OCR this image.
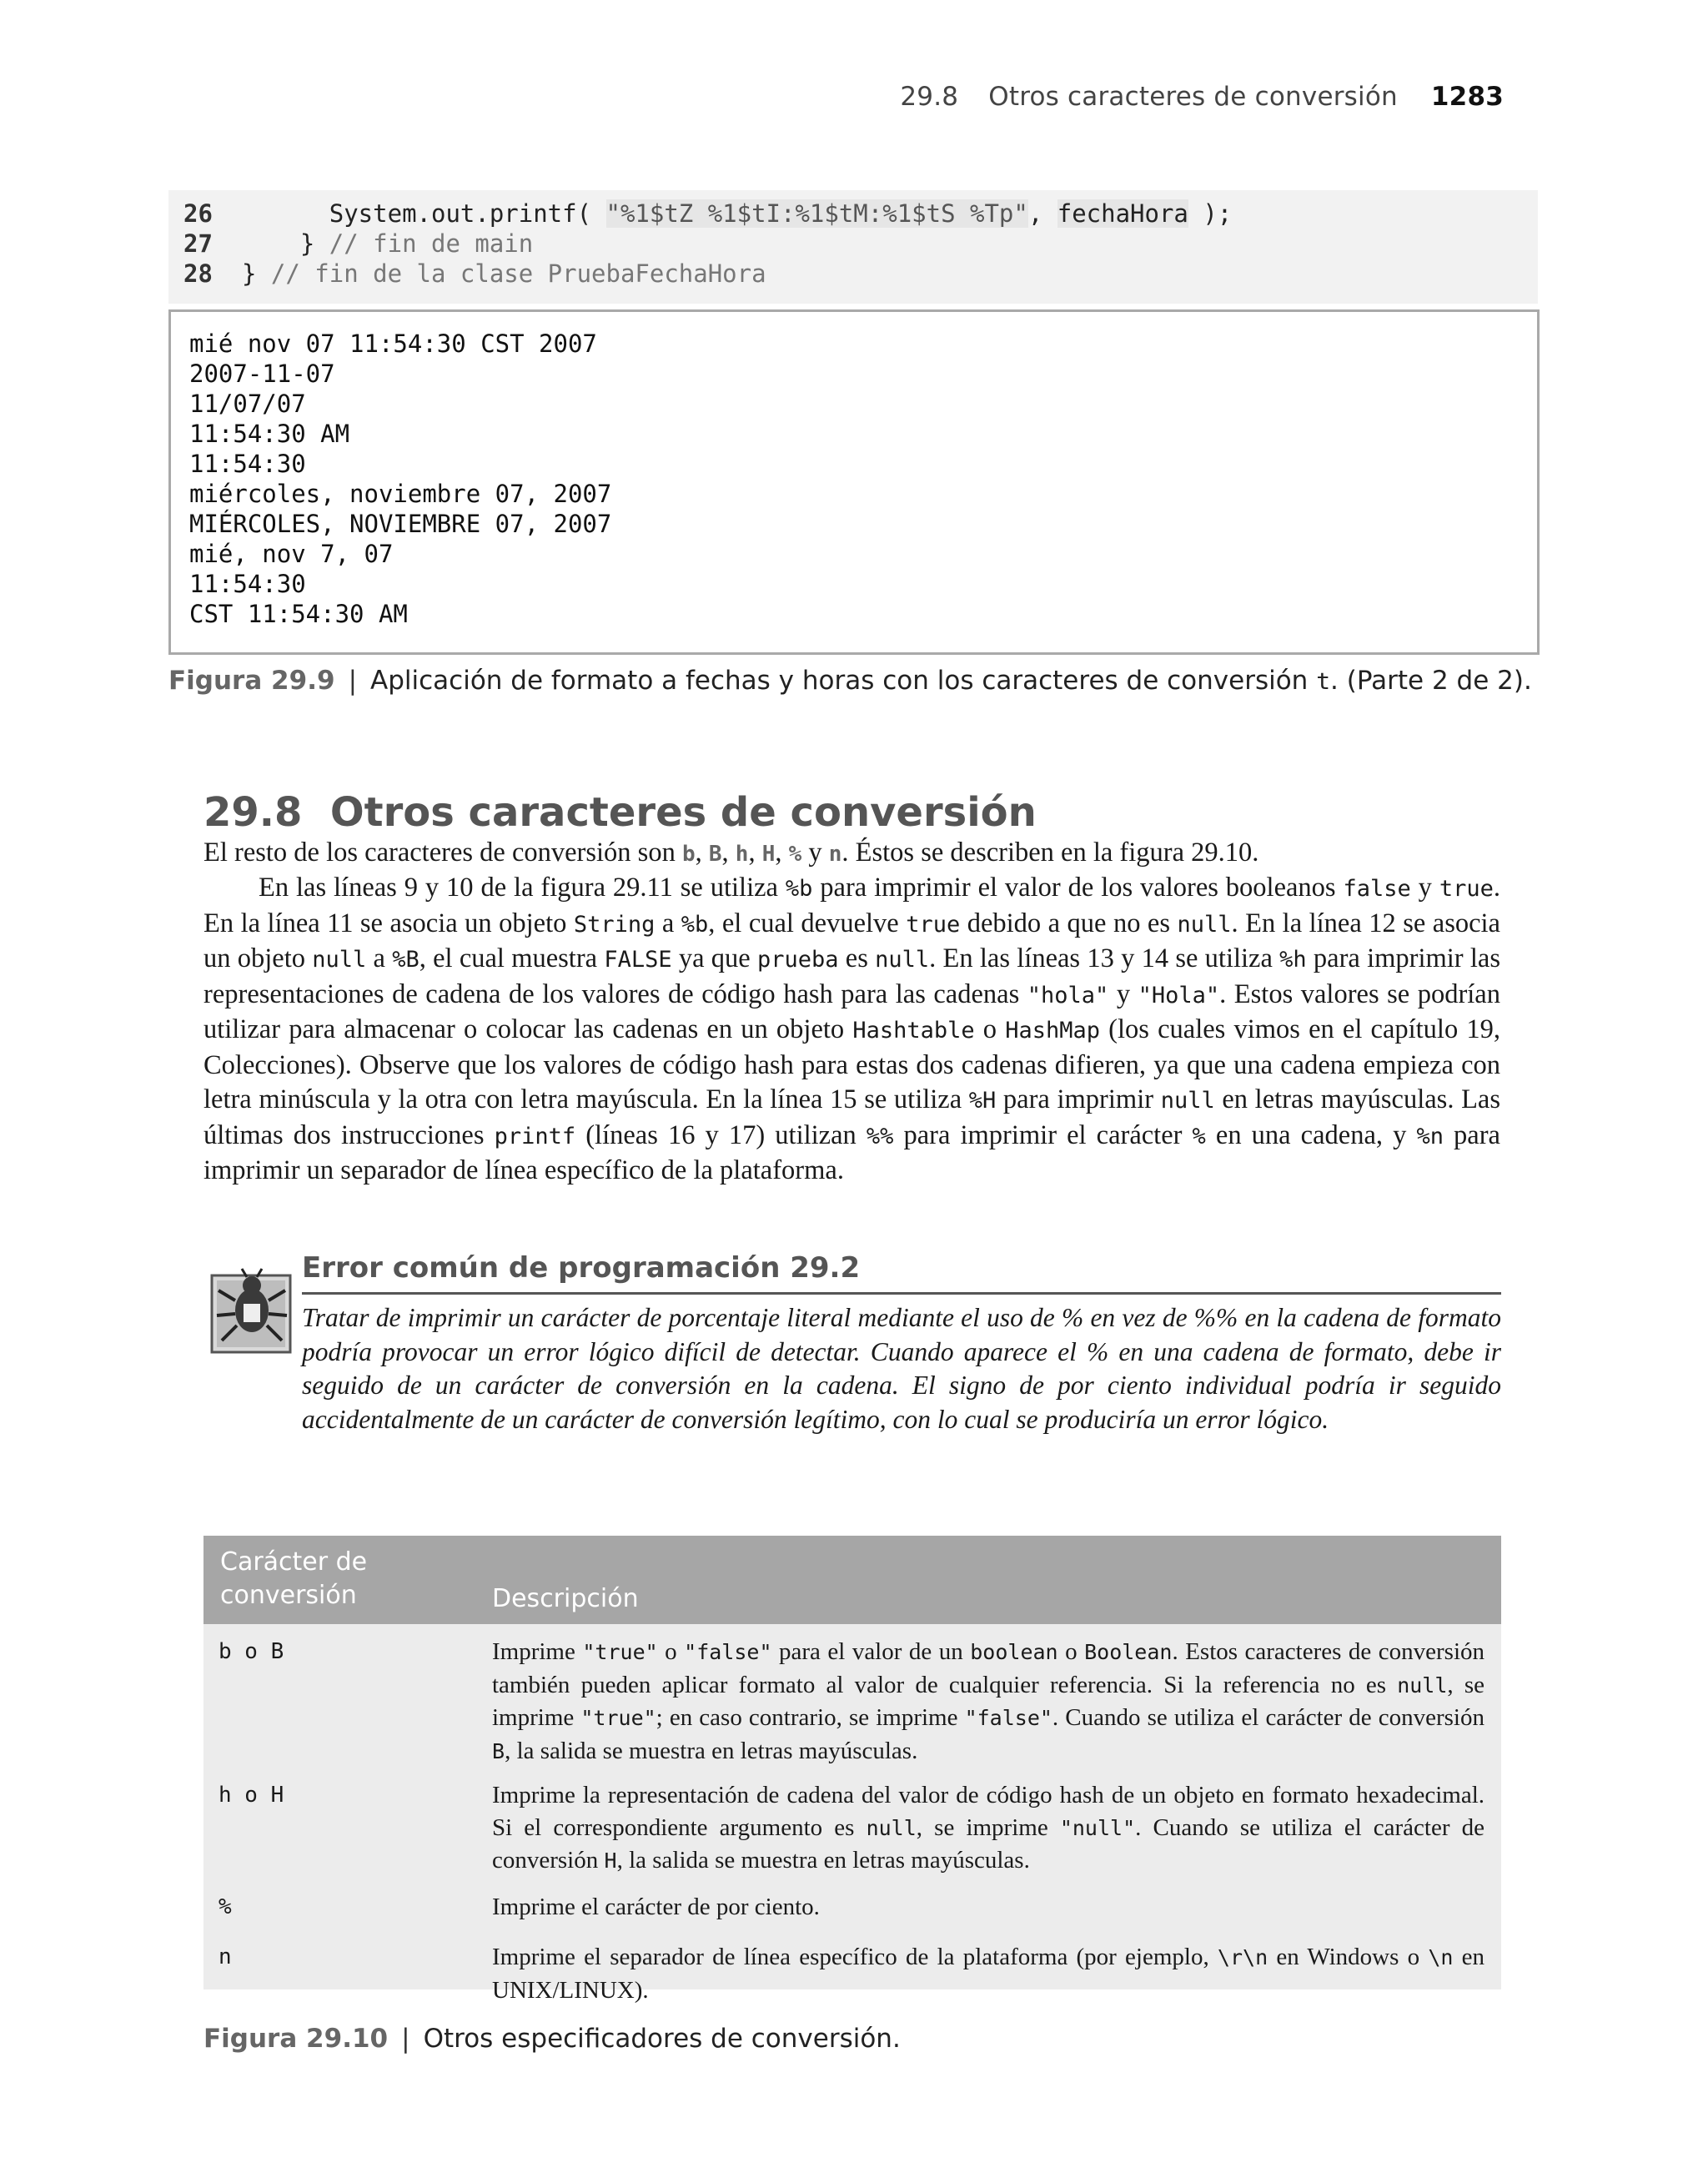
29.8 Otros caracteres de conversión 1283
26	System.out.printf( "%1$tZ %1$tI:%1$tM:%1$tS %Tp", fechaHora );
27    } // fin de main
28 } // fin de la clase PruebaFechaHora
mié nov 07 11:54:30 CST 2007
2007-11-07
11/07/07
11:54:30 AM
11:54:30
miércoles, noviembre 07, 2007
MIÉRCOLES, NOVIEMBRE 07, 2007
mié, nov 7, 07
11:54:30
CST 11:54:30 AM
Figura 29.9 | Aplicación de formato a fechas y horas con los caracteres de conversión t. (Parte 2 de 2).
29.8 Otros caracteres de conversión
El resto de los caracteres de conversión son b, B, h, H, % y n. Éstos se describen en la figura 29.10.
En las líneas 9 y 10 de la figura 29.11 se utiliza %b para imprimir el valor de los valores booleanos false y true. En la línea 11 se asocia un objeto String a %b, el cual devuelve true debido a que no es null. En la línea 12 se asocia un objeto null a %B, el cual muestra FALSE ya que prueba es null. En las líneas 13 y 14 se utiliza %h para imprimir las representaciones de cadena de los valores de código hash para las cadenas "hola" y "Hola". Estos valores se podrían utilizar para almacenar o colocar las cadenas en un objeto Hashtable o HashMap (los cuales vimos en el capítulo 19, Colecciones). Observe que los valores de código hash para estas dos cadenas difieren, ya que una cadena empieza con letra minúscula y la otra con letra mayúscula. En la línea 15 se utiliza %H para imprimir null en letras mayúsculas. Las últimas dos instrucciones printf (líneas 16 y 17) utilizan %% para imprimir el carácter % en una cadena, y %n para imprimir un separador de línea específico de la plataforma.
Error común de programación 29.2
Tratar de imprimir un carácter de porcentaje literal mediante el uso de % en vez de %% en la cadena de formato podría provocar un error lógico difícil de detectar. Cuando aparece el % en una cadena de formato, debe ir seguido de un carácter de conversión en la cadena. El signo de por ciento individual podría ir seguido accidentalmente de un carácter de conversión legítimo, con lo cual se produciría un error lógico.
Carácter de conversión	Descripción
b o B	Imprime "true" o "false" para el valor de un boolean o Boolean. Estos caracteres de conversión también pueden aplicar formato al valor de cualquier referencia. Si la referencia no es null, se imprime "true"; en caso contrario, se imprime "false". Cuando se utiliza el carácter de conversión B, la salida se muestra en letras mayúsculas.
h o H	Imprime la representación de cadena del valor de código hash de un objeto en formato hexadecimal. Si el correspondiente argumento es null, se imprime "null". Cuando se utiliza el carácter de conversión H, la salida se muestra en letras mayúsculas.
%	Imprime el carácter de por ciento.
n	Imprime el separador de línea específico de la plataforma (por ejemplo, \r\n en Windows o \n en UNIX/LINUX).
Figura 29.10 | Otros especificadores de conversión.
